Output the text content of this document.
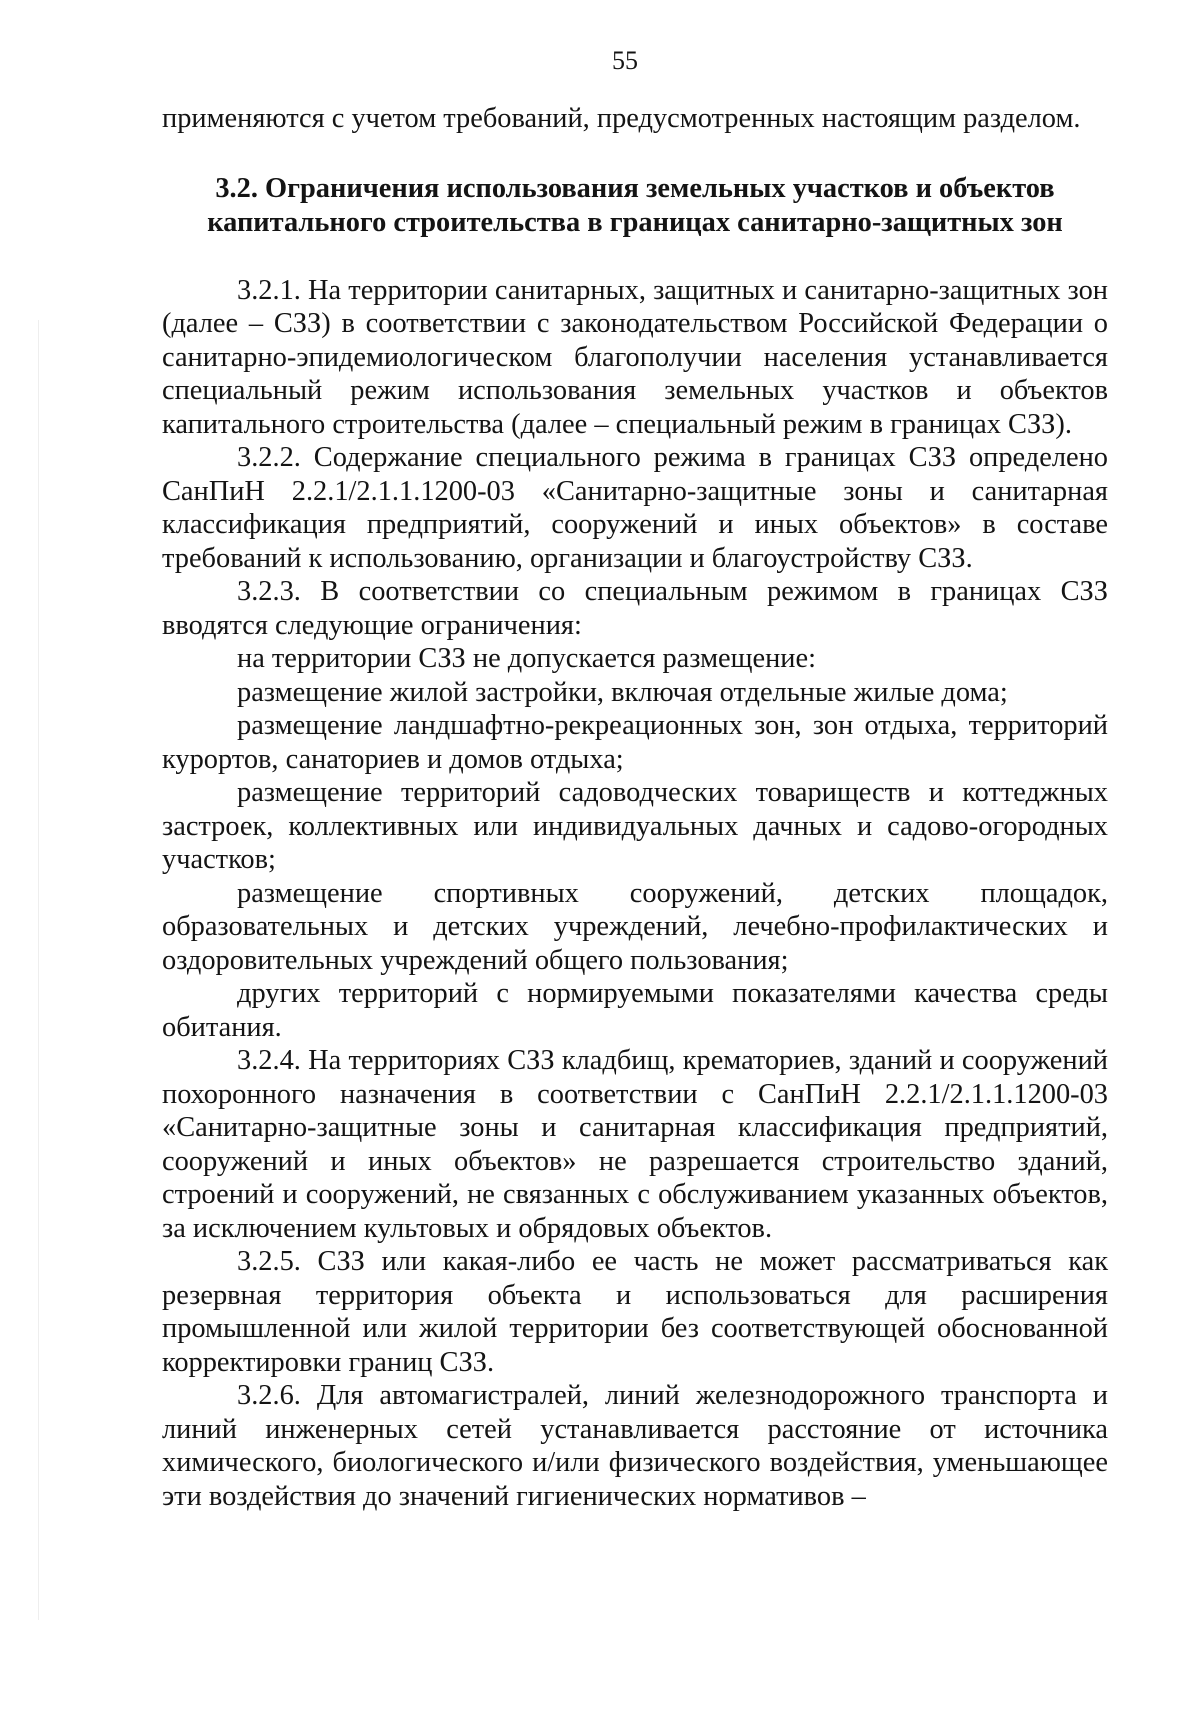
55

применяются с учетом требований, предусмотренных настоящим разделом.

3.2. Ограничения использования земельных участков и объектов
капитального строительства в границах санитарно-защитных зон

3.2.1. На территории санитарных, защитных и санитарно-защитных зон (далее – СЗЗ) в соответствии с законодательством Российской Федерации о санитарно-эпидемиологическом благополучии населения устанавливается специальный режим использования земельных участков и объектов капитального строительства (далее – специальный режим в границах СЗЗ).

3.2.2. Содержание специального режима в границах СЗЗ определено СанПиН 2.2.1/2.1.1.1200-03 «Санитарно-защитные зоны и санитарная классификация предприятий, сооружений и иных объектов» в составе требований к использованию, организации и благоустройству СЗЗ.

3.2.3. В соответствии со специальным режимом в границах СЗЗ вводятся следующие ограничения:

на территории СЗЗ не допускается размещение:

размещение жилой застройки, включая отдельные жилые дома;

размещение ландшафтно-рекреационных зон, зон отдыха, территорий курортов, санаториев и домов отдыха;

размещение территорий садоводческих товариществ и коттеджных застроек, коллективных или индивидуальных дачных и садово-огородных участков;

размещение спортивных сооружений, детских площадок, образовательных и детских учреждений, лечебно-профилактических и оздоровительных учреждений общего пользования;

других территорий с нормируемыми показателями качества среды обитания.

3.2.4. На территориях СЗЗ кладбищ, крематориев, зданий и сооружений похоронного назначения в соответствии с СанПиН 2.2.1/2.1.1.1200-03 «Санитарно-защитные зоны и санитарная классификация предприятий, сооружений и иных объектов» не разрешается строительство зданий, строений и сооружений, не связанных с обслуживанием указанных объектов, за исключением культовых и обрядовых объектов.

3.2.5. СЗЗ или какая-либо ее часть не может рассматриваться как резервная территория объекта и использоваться для расширения промышленной или жилой территории без соответствующей обоснованной корректировки границ СЗЗ.

3.2.6. Для автомагистралей, линий железнодорожного транспорта и линий инженерных сетей устанавливается расстояние от источника химического, биологического и/или физического воздействия, уменьшающее эти воздействия до значений гигиенических нормативов –
